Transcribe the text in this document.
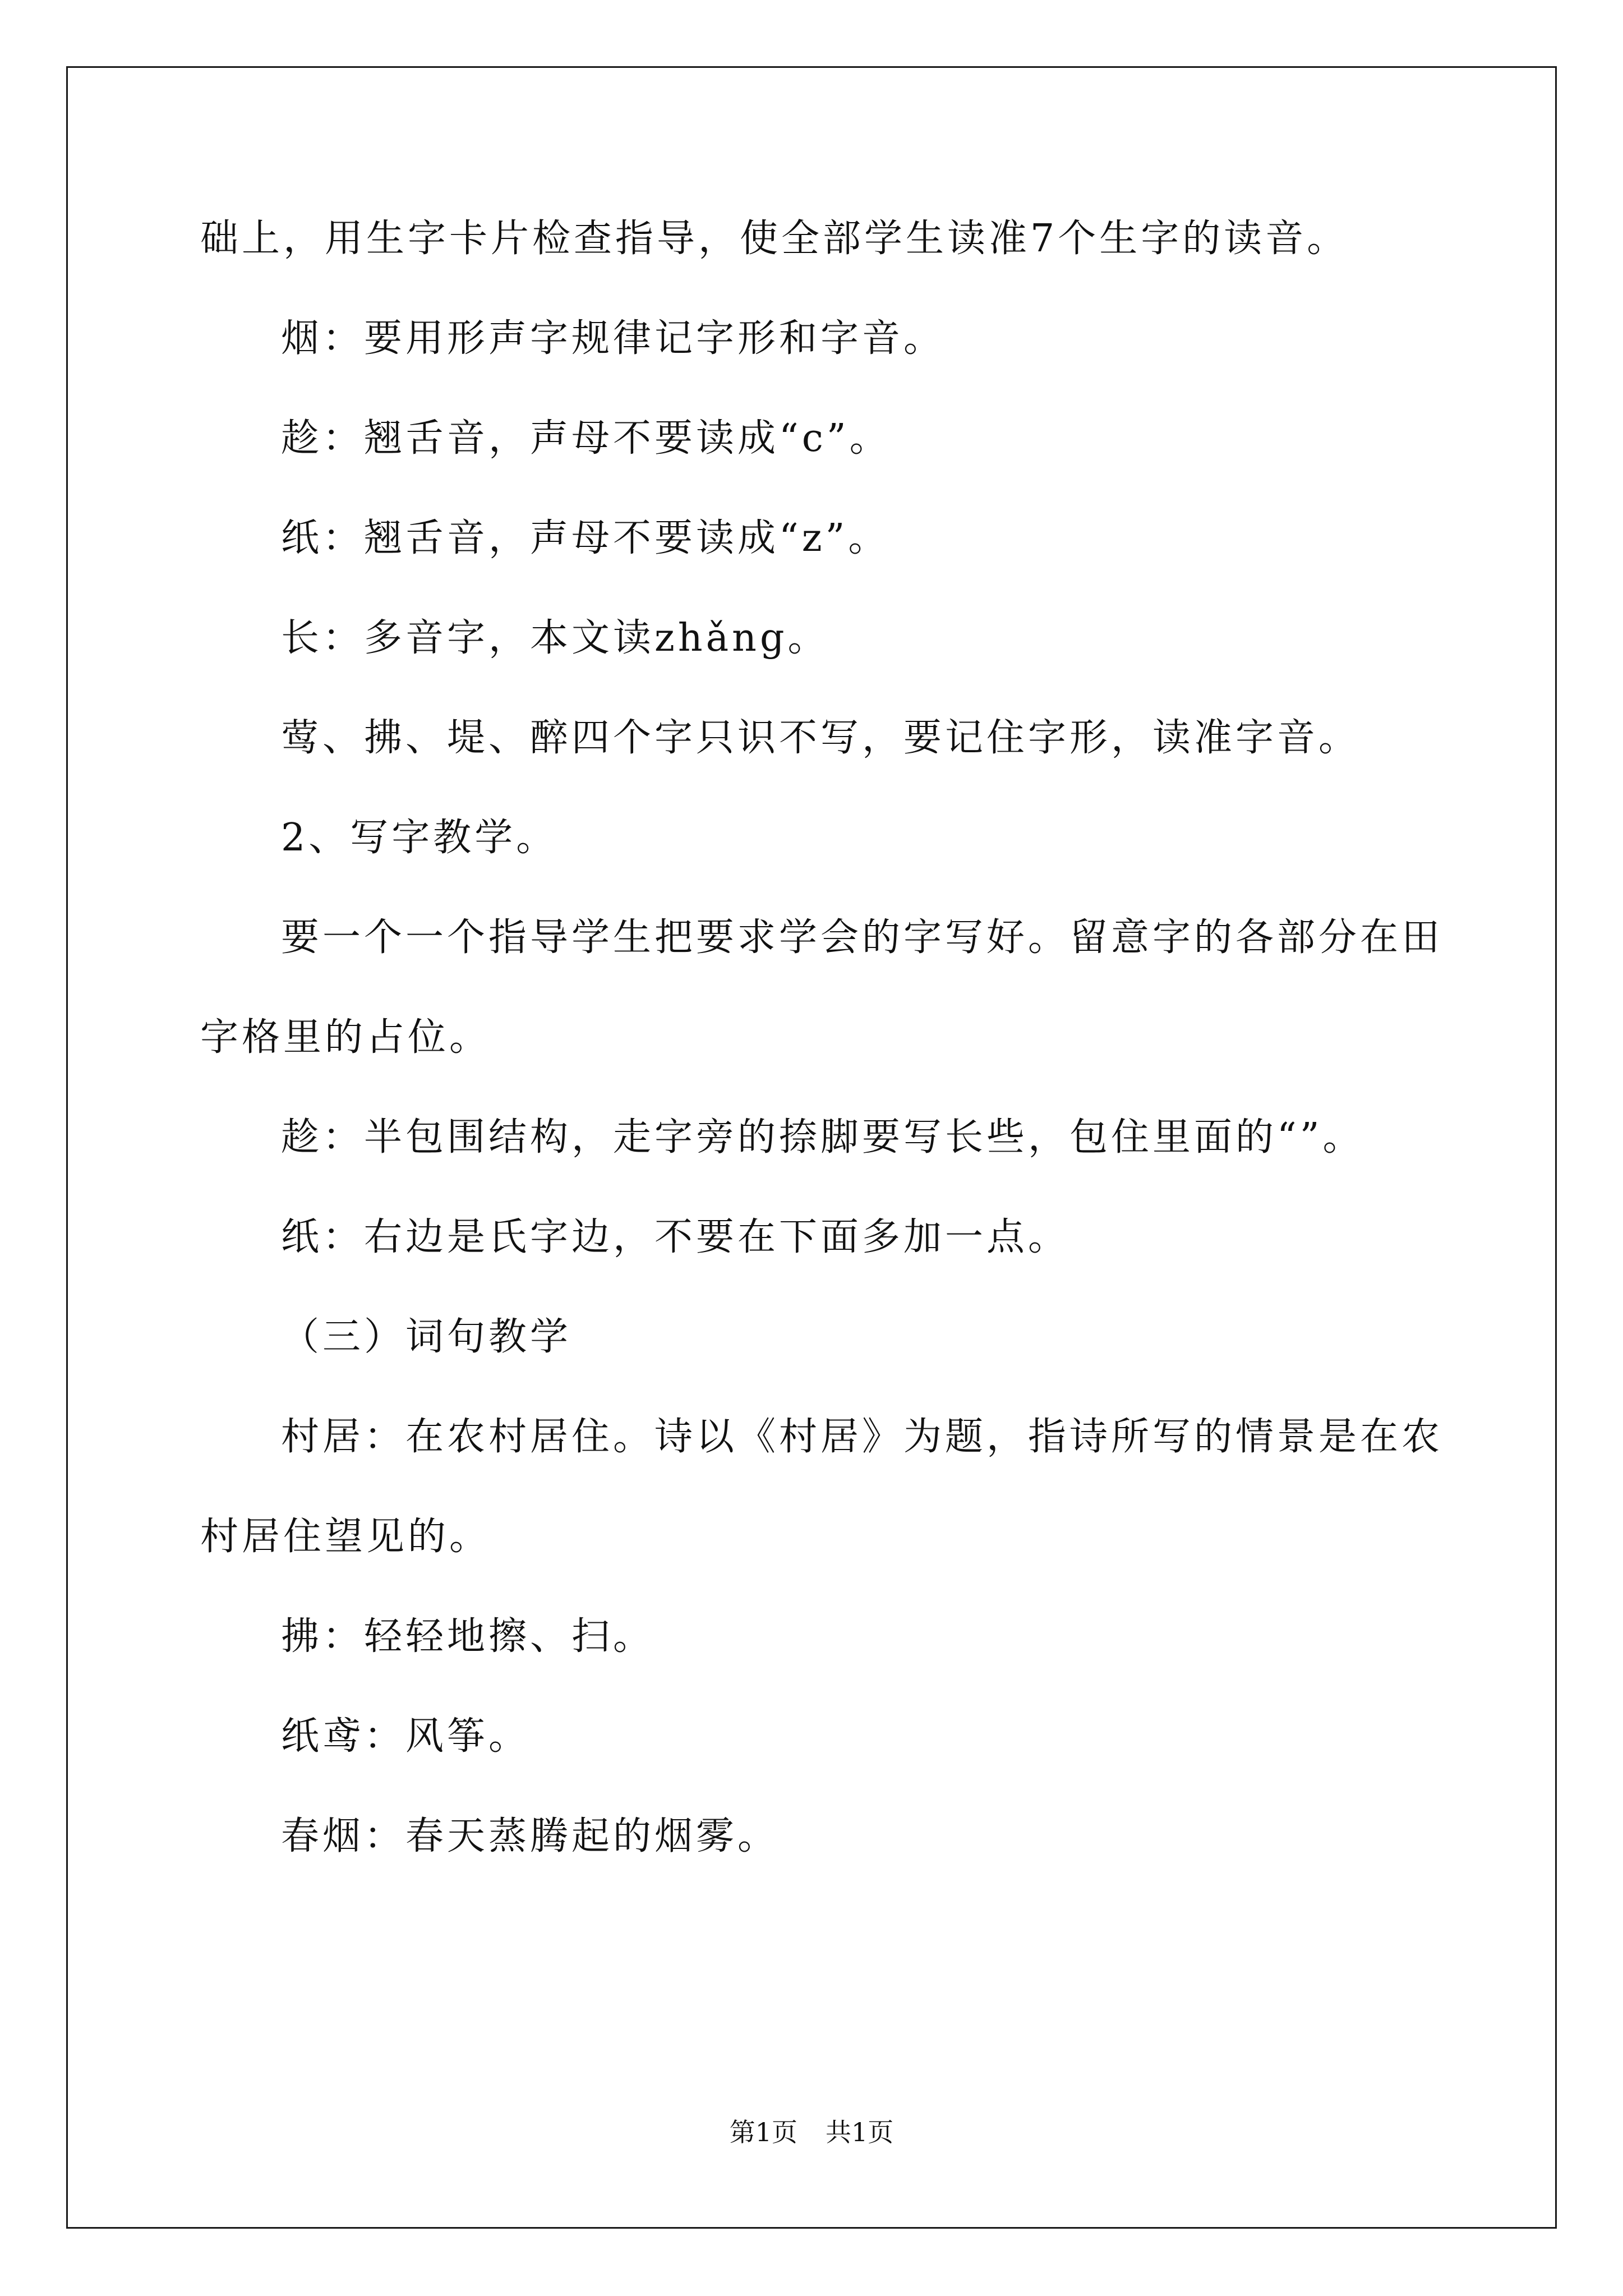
础上，用生字卡片检查指导，使全部学生读准7个生字的读音。

烟：要用形声字规律记字形和字音。

趁：翘舌音，声母不要读成“c”。

纸：翘舌音，声母不要读成“z”。

长：多音字，本文读zhǎng。

莺、拂、堤、醉四个字只识不写，要记住字形，读准字音。

2、写字教学。

要一个一个指导学生把要求学会的字写好。留意字的各部分在田

字格里的占位。

趁：半包围结构，走字旁的捺脚要写长些，包住里面的“”。

纸：右边是氏字边，不要在下面多加一点。

（三）词句教学

村居：在农村居住。诗以《村居》为题，指诗所写的情景是在农

村居住望见的。

拂：轻轻地擦、扫。

纸鸢：风筝。

春烟：春天蒸腾起的烟雾。

第1页 共1页
